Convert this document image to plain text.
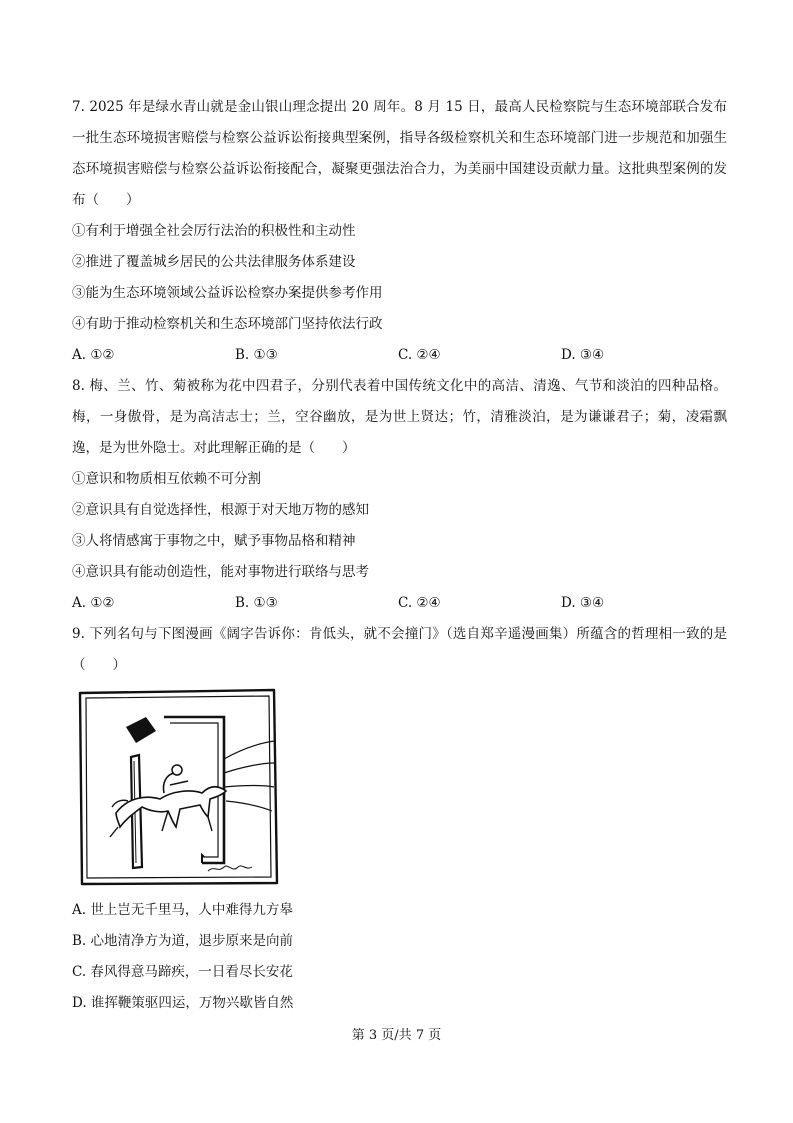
7. 2025 年是绿水青山就是金山银山理念提出 20 周年。8 月 15 日，最高人民检察院与生态环境部联合发布一批生态环境损害赔偿与检察公益诉讼衔接典型案例，指导各级检察机关和生态环境部门进一步规范和加强生态环境损害赔偿与检察公益诉讼衔接配合，凝聚更强法治合力，为美丽中国建设贡献力量。这批典型案例的发布（　　）

①有利于增强全社会厉行法治的积极性和主动性
②推进了覆盖城乡居民的公共法律服务体系建设
③能为生态环境领域公益诉讼检察办案提供参考作用
④有助于推动检察机关和生态环境部门坚持依法行政
A. ①②	B. ①③	C. ②④	D. ③④

8. 梅、兰、竹、菊被称为花中四君子，分别代表着中国传统文化中的高洁、清逸、气节和淡泊的四种品格。梅，一身傲骨，是为高洁志士；兰，空谷幽放，是为世上贤达；竹，清雅淡泊，是为谦谦君子；菊，凌霜飘逸，是为世外隐士。对此理解正确的是（　　）

①意识和物质相互依赖不可分割
②意识具有自觉选择性，根源于对天地万物的感知
③人将情感寓于事物之中，赋予事物品格和精神
④意识具有能动创造性，能对事物进行联络与思考
A. ①②	B. ①③	C. ②④	D. ③④

9. 下列名句与下图漫画《阔字告诉你：肯低头，就不会撞门》（选自郑辛遥漫画集）所蕴含的哲理相一致的是（　　）

A. 世上岂无千里马，人中难得九方皋
B. 心地清净方为道，退步原来是向前
C. 春风得意马蹄疾，一日看尽长安花
D. 谁挥鞭策驱四运，万物兴歇皆自然
第 3 页/共 7 页
